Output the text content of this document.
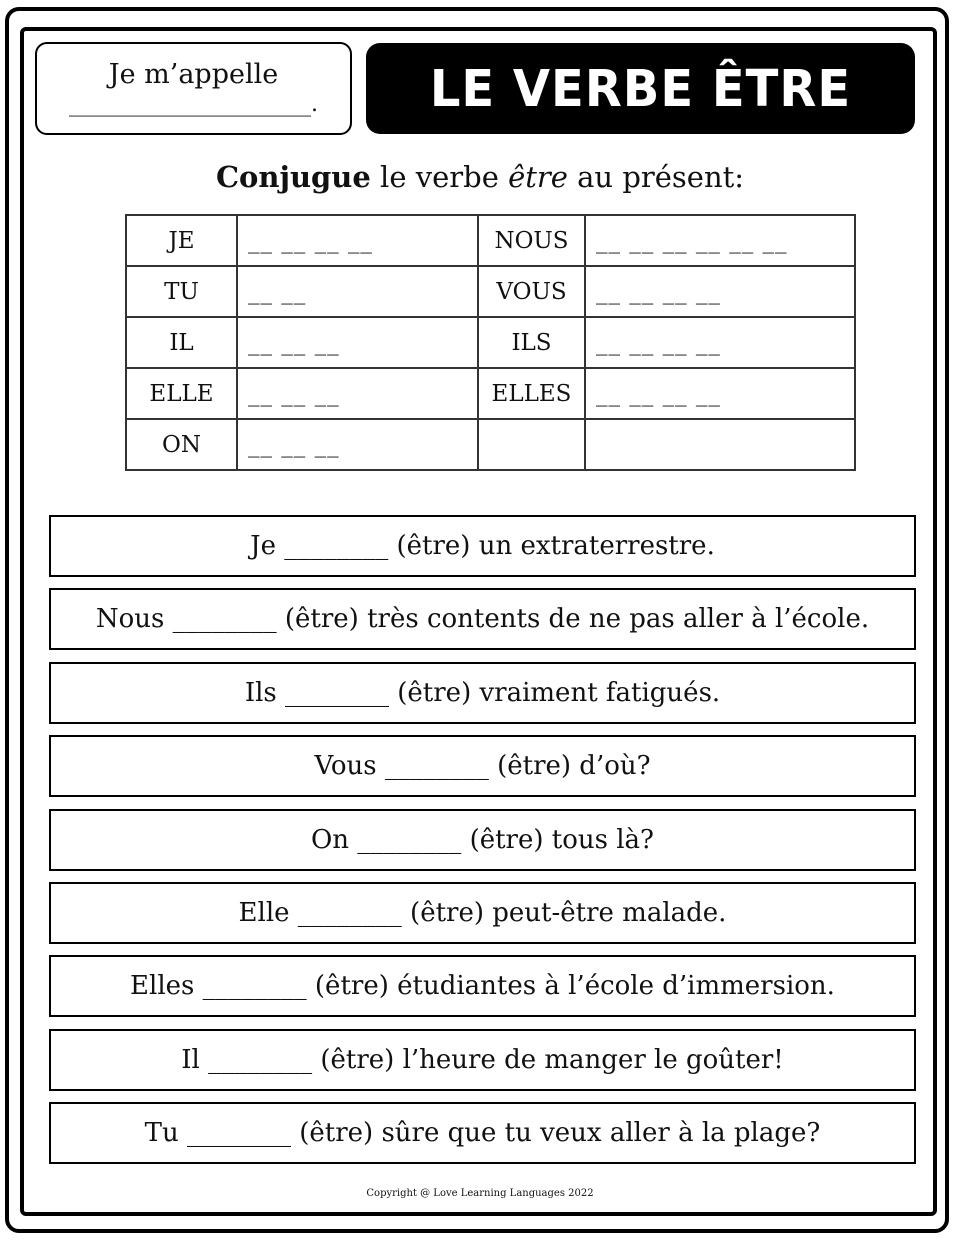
Je m’appelle
______________________.	LE VERBE ÊTRE
Conjugue le verbe être au présent:
JE	__ __ __ __	NOUS	__ __ __ __ __ __
TU	__ __	VOUS	__ __ __ __
IL	__ __ __	ILS	__ __ __ __
ELLE	__ __ __	ELLES	__ __ __ __
ON	__ __ __		
Je ________ (être) un extraterrestre.
Nous ________ (être) très contents de ne pas aller à l’école.
Ils ________ (être) vraiment fatigués.
Vous ________ (être) d’où?
On ________ (être) tous là?
Elle ________ (être) peut-être malade.
Elles ________ (être) étudiantes à l’école d’immersion.
Il ________ (être) l’heure de manger le goûter!
Tu ________ (être) sûre que tu veux aller à la plage?
Copyright @ Love Learning Languages 2022
